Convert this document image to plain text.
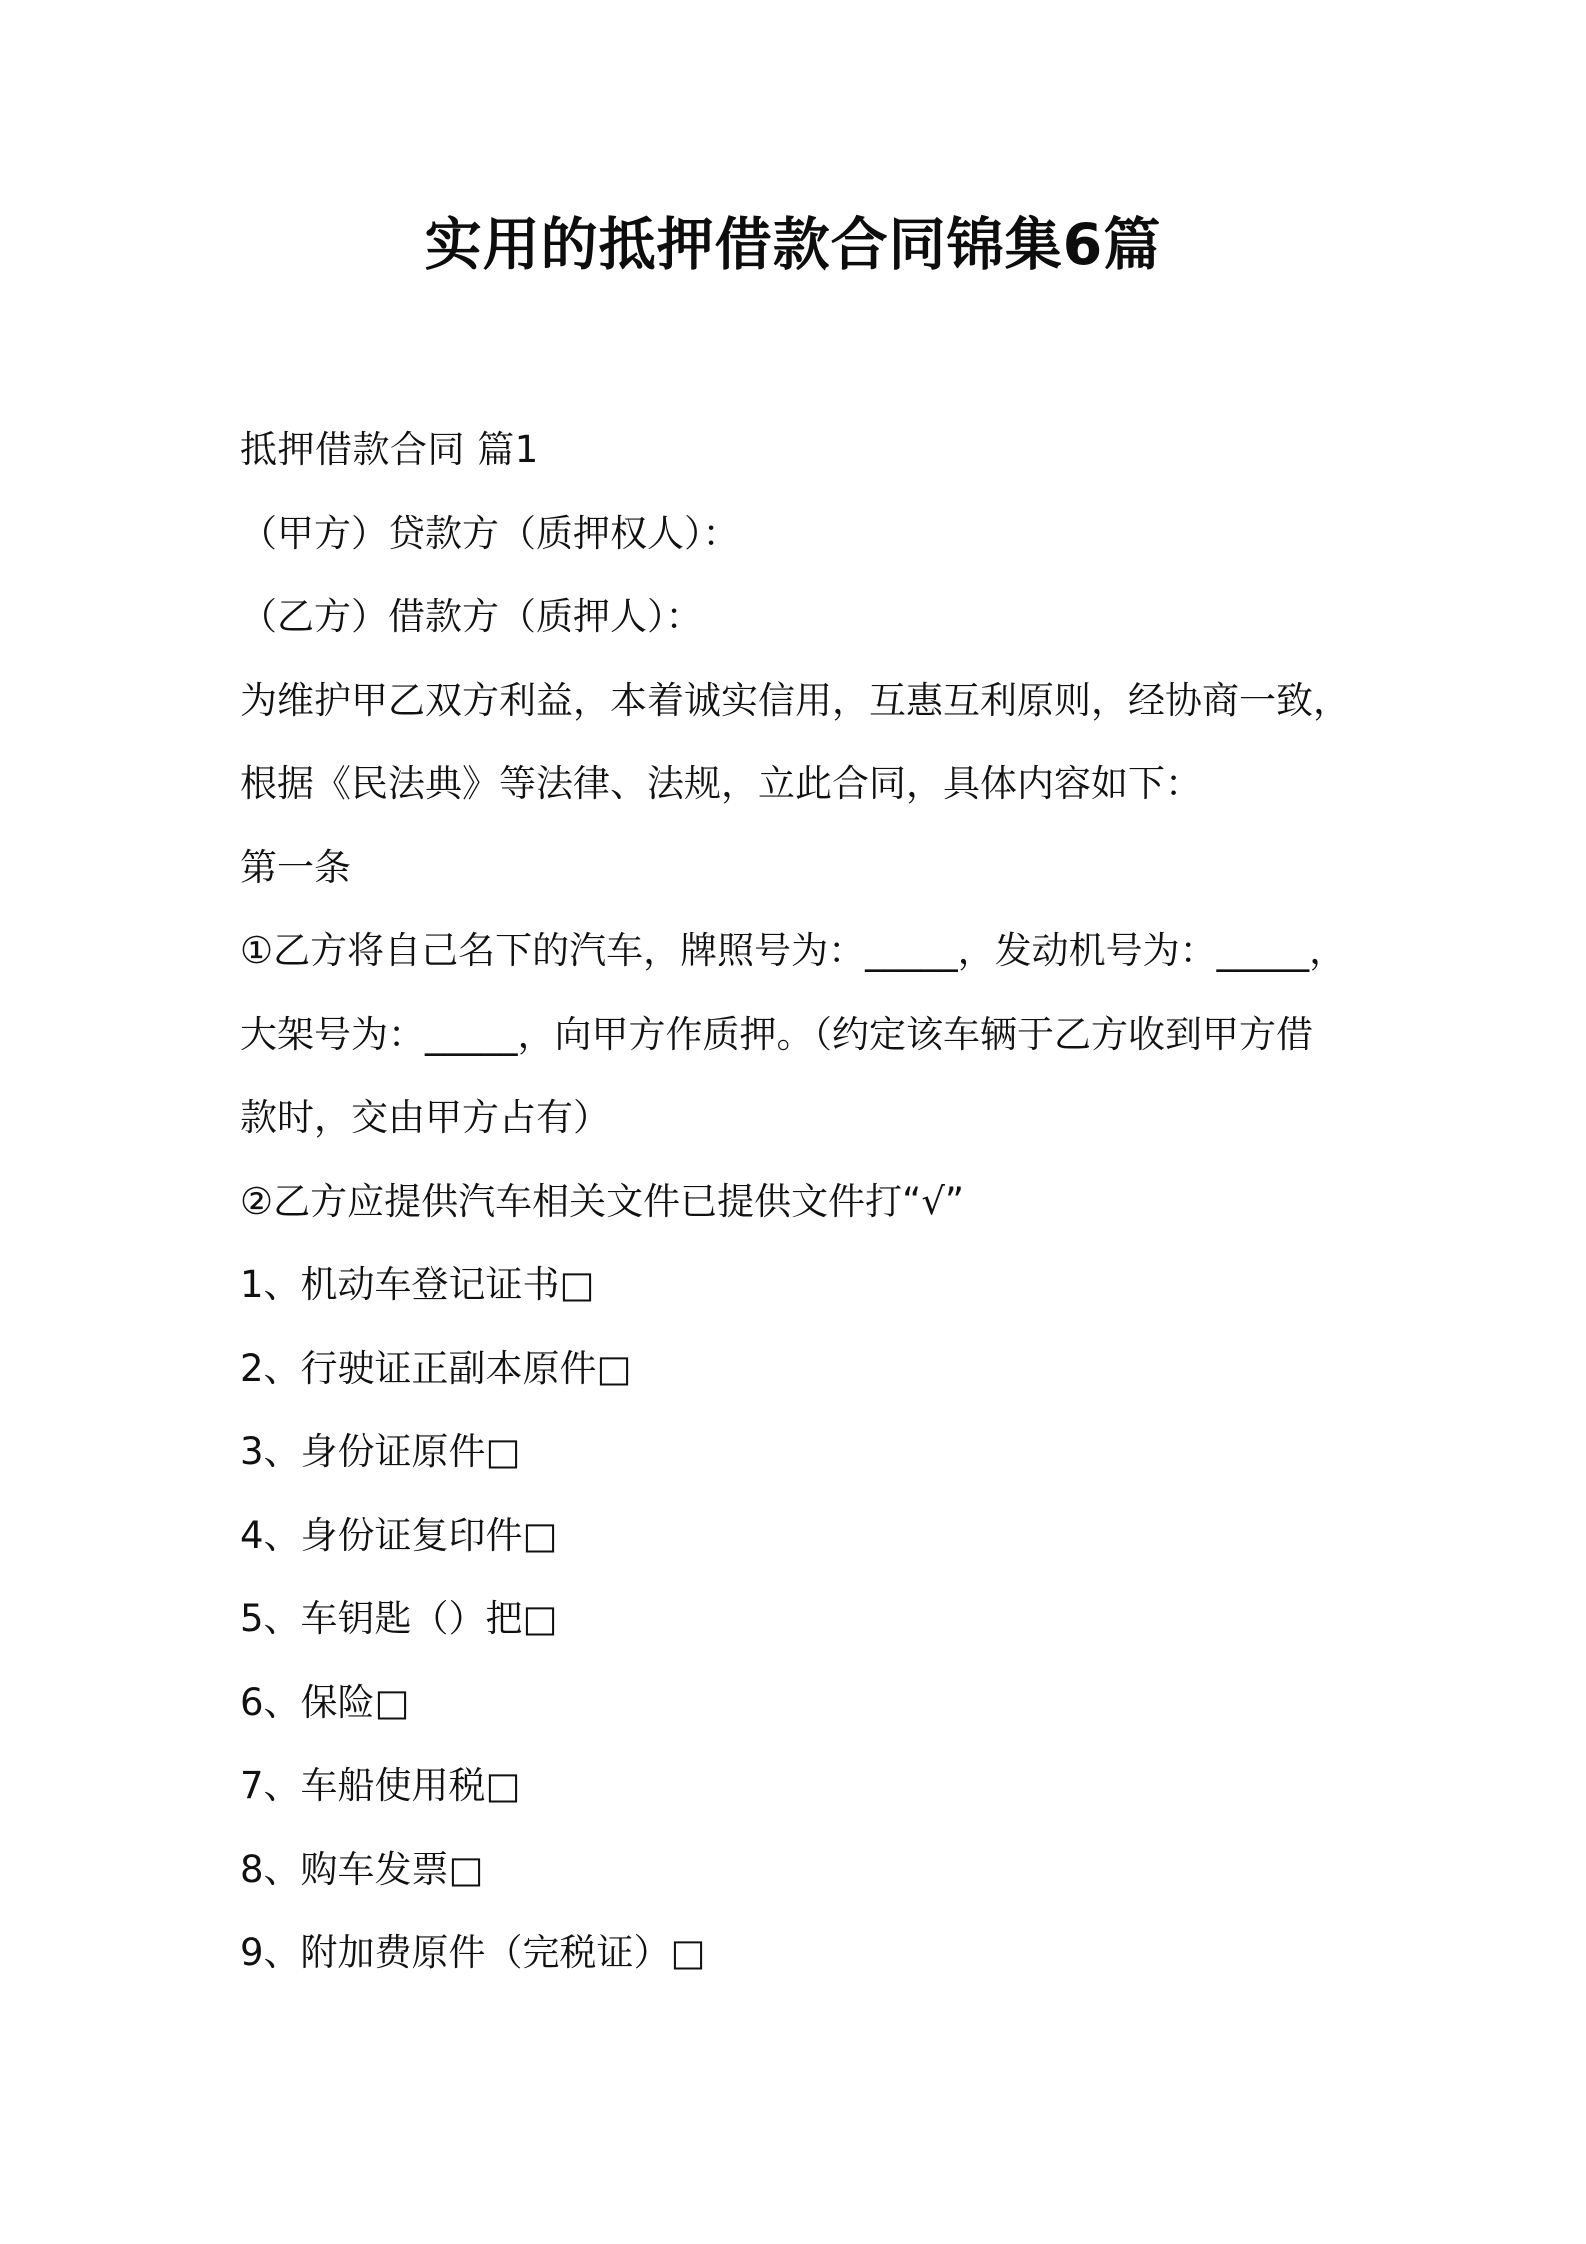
实用的抵押借款合同锦集6篇
抵押借款合同 篇1
（甲方）贷款方（质押权人）：
（乙方）借款方（质押人）：
为维护甲乙双方利益，本着诚实信用，互惠互利原则，经协商一致，
根据《民法典》等法律、法规，立此合同，具体内容如下：
第一条
①乙方将自己名下的汽车，牌照号为：_____，发动机号为：_____，
大架号为：_____，向甲方作质押。（约定该车辆于乙方收到甲方借
款时，交由甲方占有）
②乙方应提供汽车相关文件已提供文件打“√”
1、机动车登记证书□
2、行驶证正副本原件□
3、身份证原件□
4、身份证复印件□
5、车钥匙（）把□
6、保险□
7、车船使用税□
8、购车发票□
9、附加费原件（完税证）□
